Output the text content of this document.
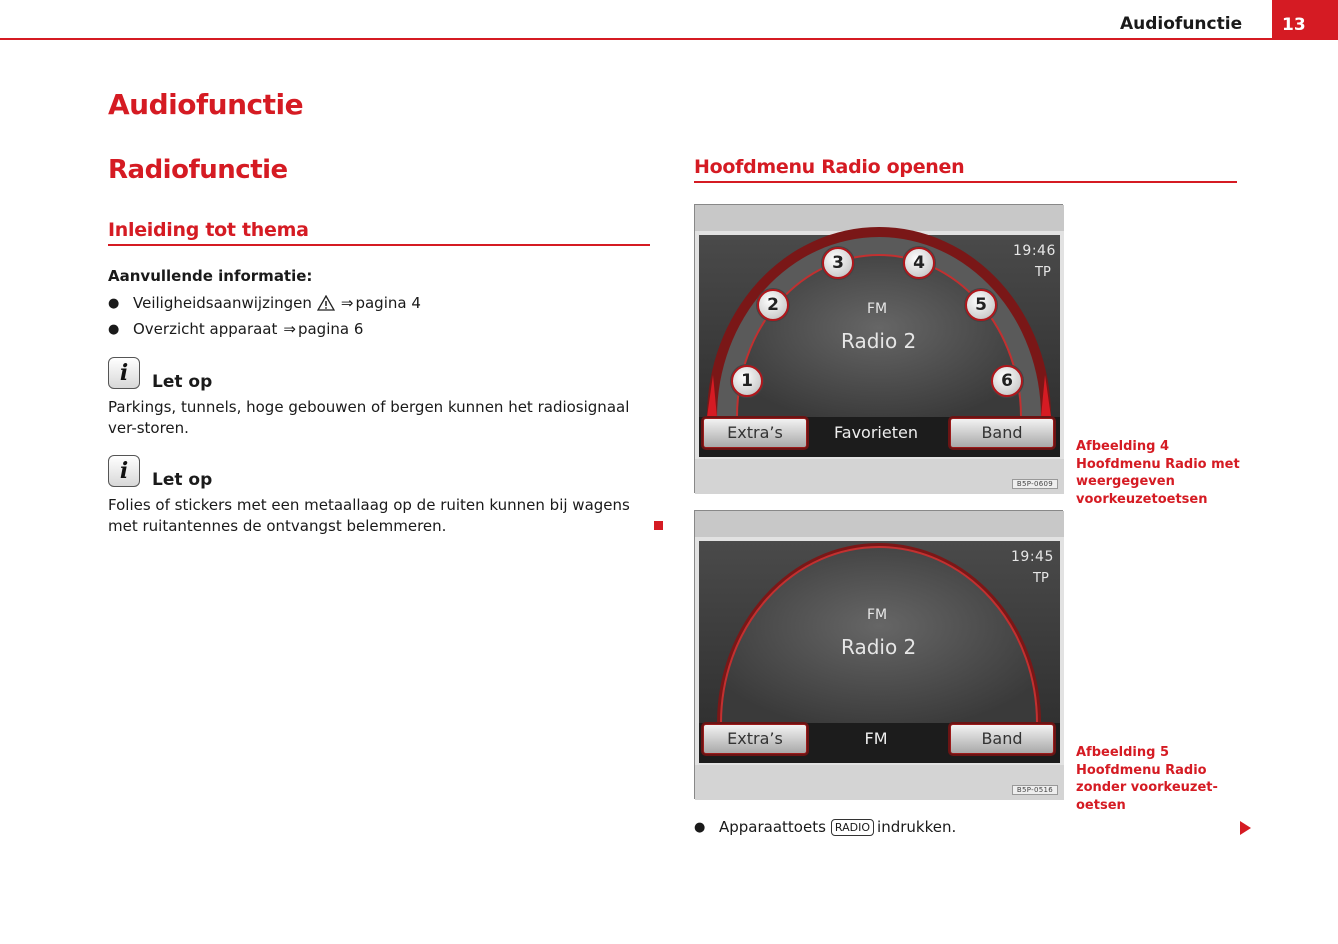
Audiofunctie	13
Audiofunctie
Radiofunctie
Inleiding tot thema
Aanvullende informatie:
● Veiligheidsaanwijzingen ⇒ pagina 4
● Overzicht apparaat ⇒ pagina 6
i Let op
Parkings, tunnels, hoge gebouwen of bergen kunnen het radiosignaal ver-storen.
i Let op
Folies of stickers met een metaallaag op de ruiten kunnen bij wagens met ruitantennes de ontvangst belemmeren.
Hoofdmenu Radio openen
19:46
TP
FM
Radio 2
1
2
3	4
5
6
Extra’s	Favorieten	Band
B5P-0609
Afbeelding 4 Hoofdmenu Radio met weergegeven voorkeuzetoetsen
19:45
TP
FM
Radio 2
Extra’s	FM	Band
B5P-0516
Afbeelding 5 Hoofdmenu Radio zonder voorkeuzet-oetsen
● Apparaattoets RADIO indrukken.
